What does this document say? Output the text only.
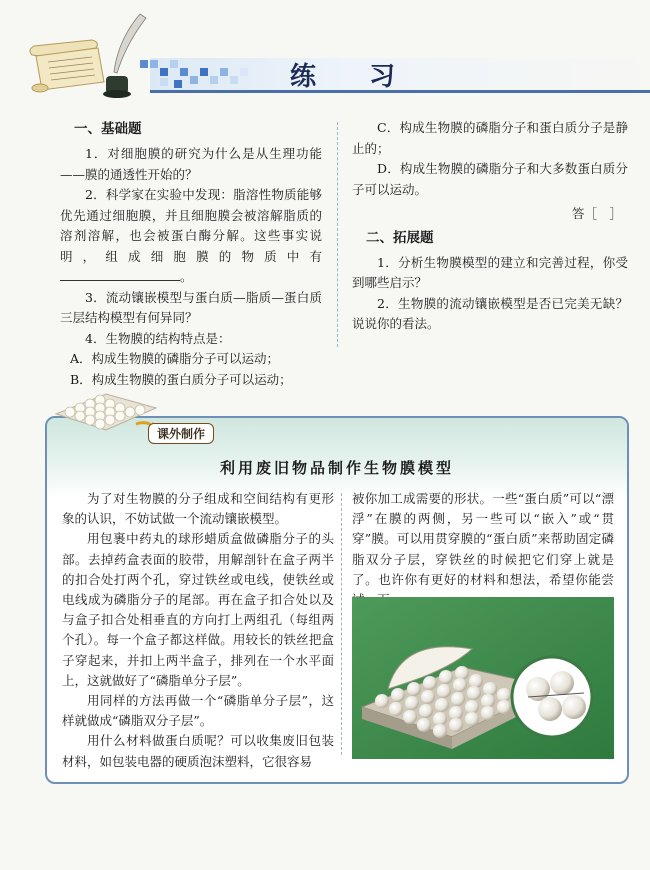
练 习
一、基础题

1．对细胞膜的研究为什么是从生理功能——膜的通透性开始的？

2．科学家在实验中发现：脂溶性物质能够优先通过细胞膜，并且细胞膜会被溶解脂质的溶剂溶解，也会被蛋白酶分解。这些事实说明，组成细胞膜的物质中有。

3．流动镶嵌模型与蛋白质—脂质—蛋白质三层结构模型有何异同？

4．生物膜的结构特点是：

A．构成生物膜的磷脂分子可以运动；

B．构成生物膜的蛋白质分子可以运动；

C．构成生物膜的磷脂分子和蛋白质分子是静止的；

D．构成生物膜的磷脂分子和大多数蛋白质分子可以运动。

答［　］

二、拓展题

1．分析生物膜模型的建立和完善过程，你受到哪些启示？

2．生物膜的流动镶嵌模型是否已完美无缺？说说你的看法。

课外制作
利用废旧物品制作生物膜模型

为了对生物膜的分子组成和空间结构有更形象的认识，不妨试做一个流动镶嵌模型。

用包裹中药丸的球形蜡质盒做磷脂分子的头部。去掉药盒表面的胶带，用解剖针在盒子两半的扣合处打两个孔，穿过铁丝或电线，使铁丝或电线成为磷脂分子的尾部。再在盒子扣合处以及与盒子扣合处相垂直的方向打上两组孔（每组两个孔）。每一个盒子都这样做。用较长的铁丝把盒子穿起来，并扣上两半盒子，排列在一个水平面上，这就做好了“磷脂单分子层”。

用同样的方法再做一个“磷脂单分子层”，这样就做成“磷脂双分子层”。

用什么材料做蛋白质呢？可以收集废旧包装材料，如包装电器的硬质泡沫塑料，它很容易

被你加工成需要的形状。一些“蛋白质”可以“漂浮”在膜的两侧，另一些可以“嵌入”或“贯穿”膜。可以用贯穿膜的“蛋白质”来帮助固定磷脂双分子层，穿铁丝的时候把它们穿上就是了。也许你有更好的材料和想法，希望你能尝
